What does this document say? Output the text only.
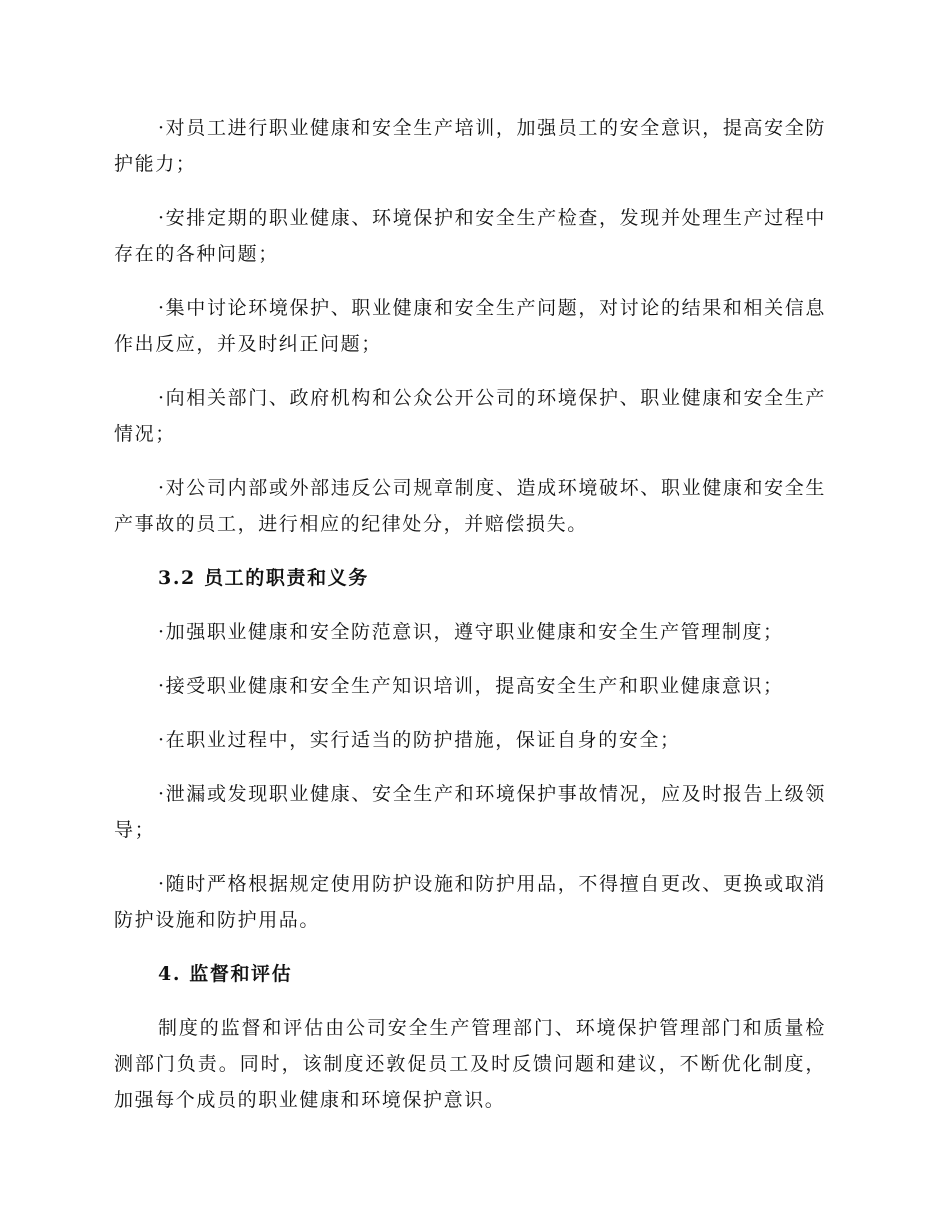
·对员工进行职业健康和安全生产培训，加强员工的安全意识，提高安全防护能力；

·安排定期的职业健康、环境保护和安全生产检查，发现并处理生产过程中存在的各种问题；

·集中讨论环境保护、职业健康和安全生产问题，对讨论的结果和相关信息作出反应，并及时纠正问题；

·向相关部门、政府机构和公众公开公司的环境保护、职业健康和安全生产情况；

·对公司内部或外部违反公司规章制度、造成环境破坏、职业健康和安全生产事故的员工，进行相应的纪律处分，并赔偿损失。

3.2 员工的职责和义务

·加强职业健康和安全防范意识，遵守职业健康和安全生产管理制度；

·接受职业健康和安全生产知识培训，提高安全生产和职业健康意识；

·在职业过程中，实行适当的防护措施，保证自身的安全；

·泄漏或发现职业健康、安全生产和环境保护事故情况，应及时报告上级领导；

·随时严格根据规定使用防护设施和防护用品，不得擅自更改、更换或取消防护设施和防护用品。

4. 监督和评估

制度的监督和评估由公司安全生产管理部门、环境保护管理部门和质量检测部门负责。同时，该制度还敦促员工及时反馈问题和建议，不断优化制度，加强每个成员的职业健康和环境保护意识。
